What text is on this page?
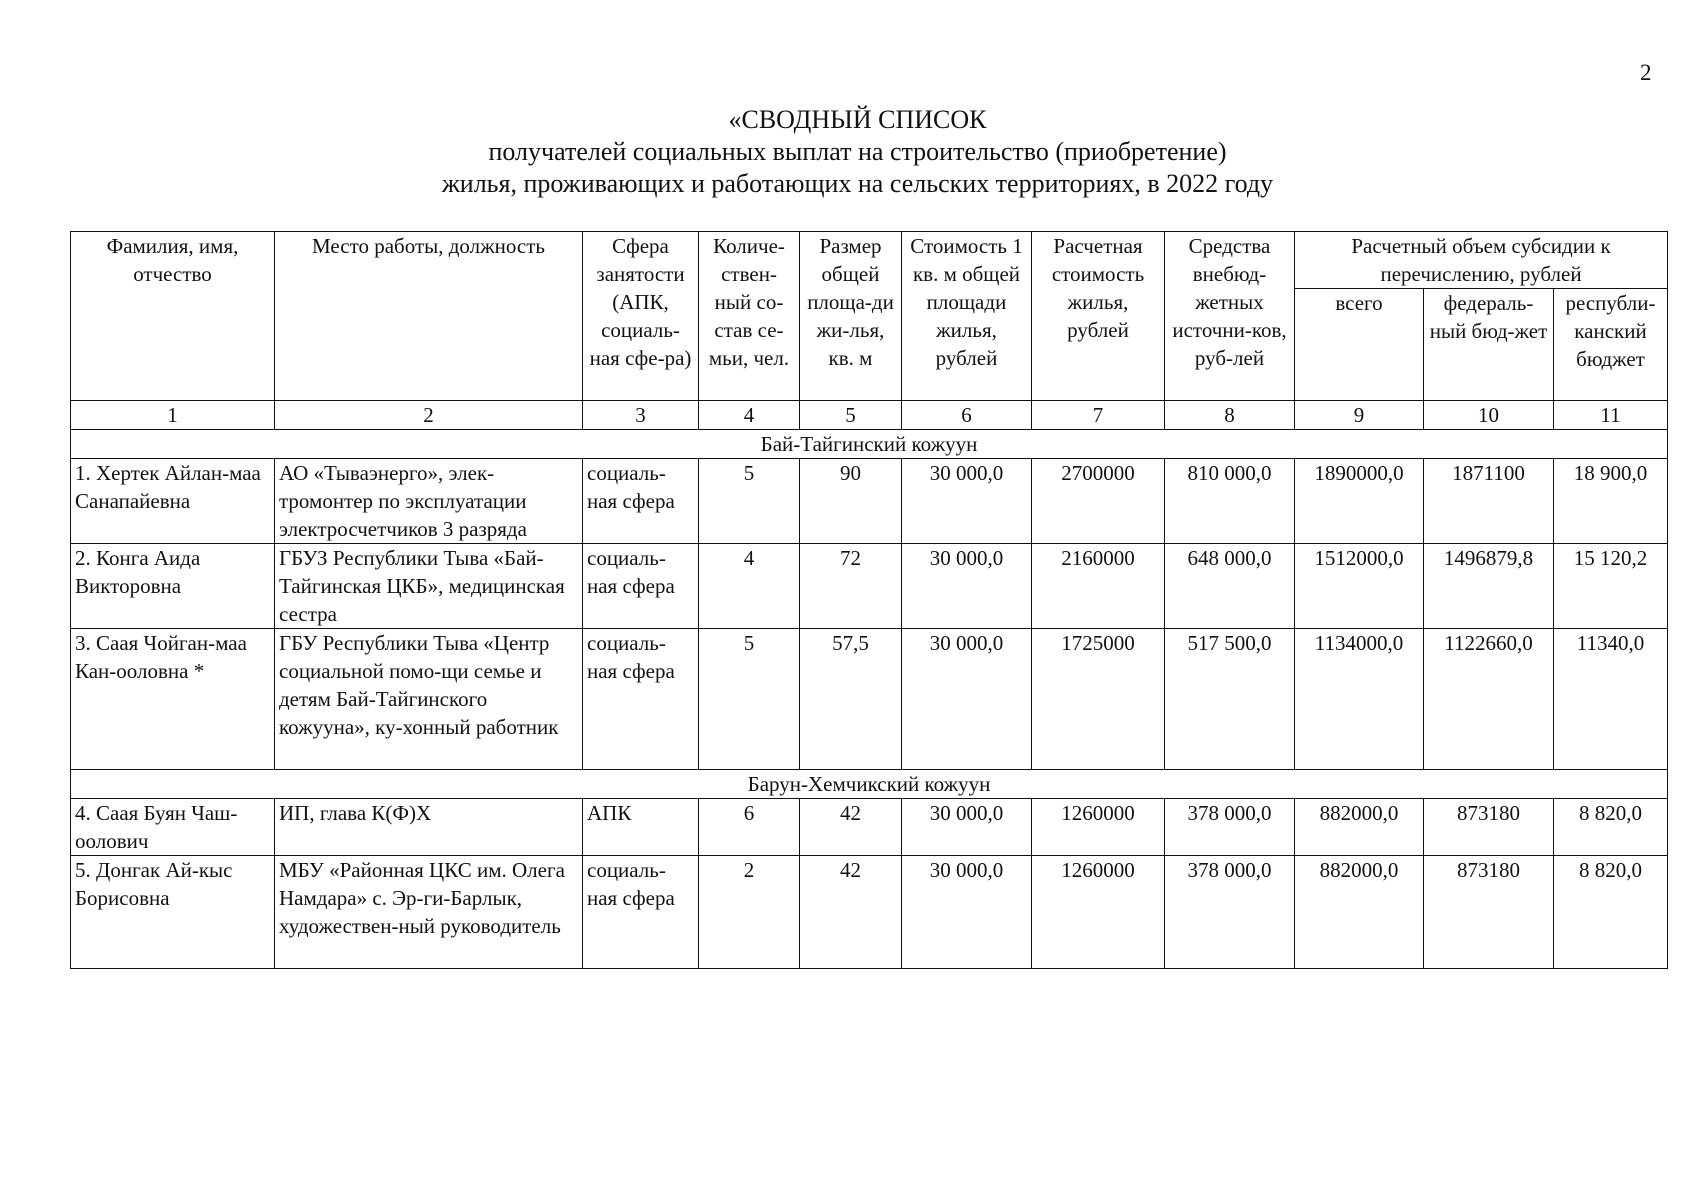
2
«СВОДНЫЙ СПИСОК
получателей социальных выплат на строительство (приобретение)
жилья, проживающих и работающих на сельских территориях, в 2022 году
Фамилия, имя, отчество	Место работы, должность	Сфера занятости (АПК, социаль-ная сфе-ра)	Количе-ствен-ный со-став се-мьи, чел.	Размер общей площа-ди жи-лья, кв. м	Стоимость 1 кв. м общей площади жилья, рублей	Расчетная стоимость жилья, рублей	Средства внебюд-жетных источни-ков, руб-лей	Расчетный объем субсидии к перечислению, рублей		
								всего	федераль-ный бюд-жет	республи-канский бюджет
1	2	3	4	5	6	7	8	9	10	11
Бай-Тайгинский кожуун										
1. Хертек Айлан-маа Санапайевна	АО «Тываэнерго», элек-тромонтер по эксплуатации электросчетчиков 3 разряда	социаль-ная сфера	5	90	30 000,0	2700000	810 000,0	1890000,0	1871100	18 900,0
2. Конга Аида Викторовна	ГБУЗ Республики Тыва «Бай-Тайгинская ЦКБ», медицинская сестра	социаль-ная сфера	4	72	30 000,0	2160000	648 000,0	1512000,0	1496879,8	15 120,2
3. Саая Чойган-маа Кан-ооловна *	ГБУ Республики Тыва «Центр социальной помо-щи семье и детям Бай-Тайгинского кожууна», ку-хонный работник	социаль-ная сфера	5	57,5	30 000,0	1725000	517 500,0	1134000,0	1122660,0	11340,0
Барун-Хемчикский кожуун										
4. Саая Буян Чаш-оолович	ИП, глава К(Ф)Х	АПК	6	42	30 000,0	1260000	378 000,0	882000,0	873180	8 820,0
5. Донгак Ай-кыс Борисовна	МБУ «Районная ЦКС им. Олега Намдара» с. Эр-ги-Барлык, художествен-ный руководитель	социаль-ная сфера	2	42	30 000,0	1260000	378 000,0	882000,0	873180	8 820,0
